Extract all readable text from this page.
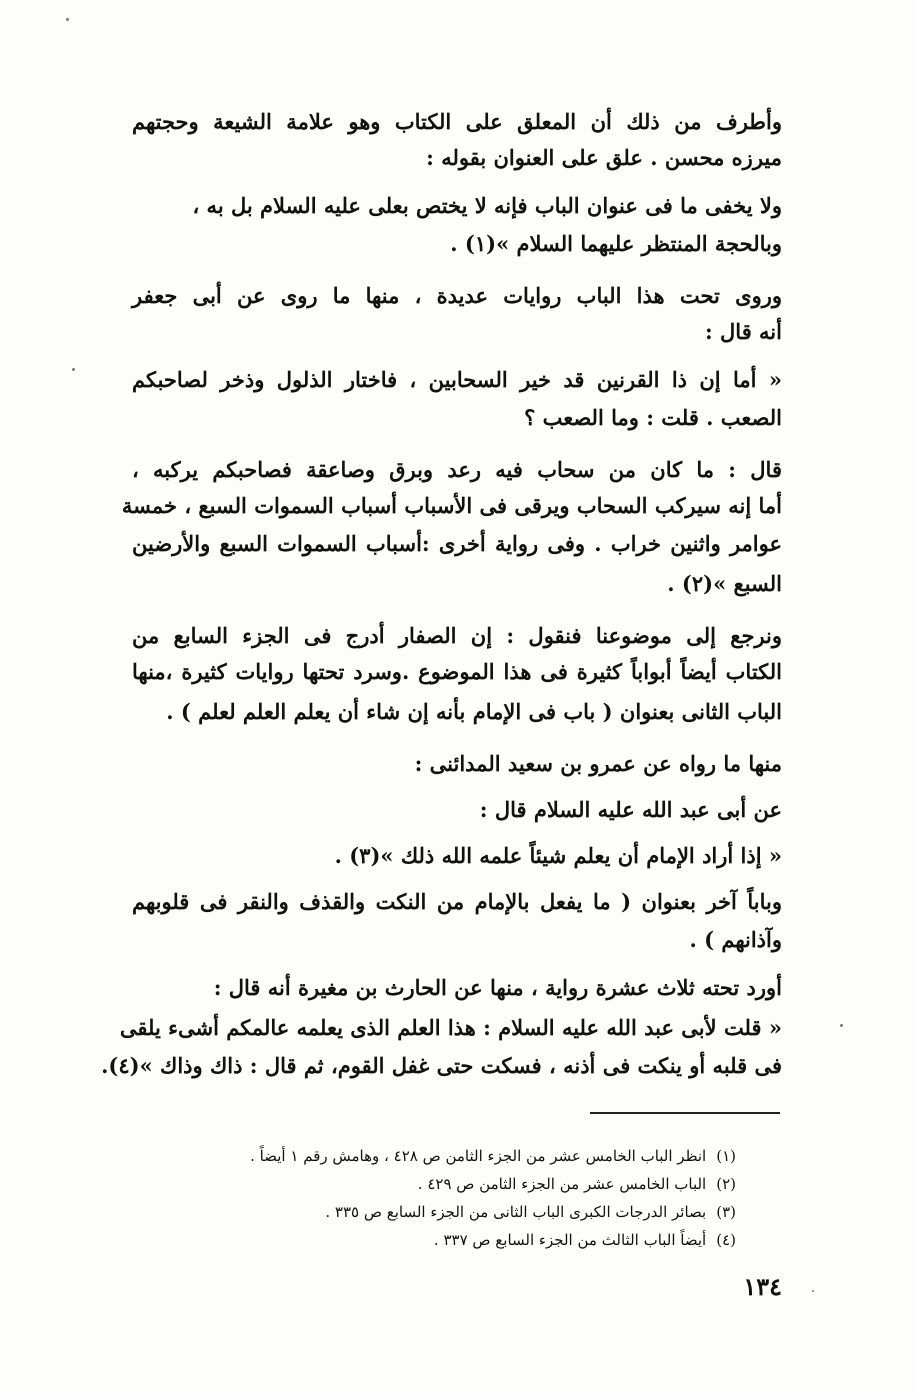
وأطرف من ذلك أن المعلق على الكتاب وهو علامة الشيعة وحجتهم
ميرزه محسن . علق على العنوان بقوله :
ولا يخفى ما فى عنوان الباب فإنه لا يختص بعلى عليه السلام بل به ،
وبالحجة المنتظر عليهما السلام »(١) .
وروى تحت هذا الباب روايات عديدة ، منها ما روى عن أبى جعفر
أنه قال :
« أما إن ذا القرنين قد خير السحابين ، فاختار الذلول وذخر لصاحبكم
الصعب . قلت : وما الصعب ؟
قال : ما كان من سحاب فيه رعد وبرق وصاعقة فصاحبكم يركبه ،
أما إنه سيركب السحاب ويرقى فى الأسباب أسباب السموات السبع ، خمسة
عوامر واثنين خراب . وفى رواية أخرى :أسباب السموات السبع والأرضين
السبع »(٢) .
ونرجع إلى موضوعنا فنقول : إن الصفار أدرج فى الجزء السابع من
الكتاب أيضاً أبواباً كثيرة فى هذا الموضوع .وسرد تحتها روايات كثيرة ،منها
الباب الثانى بعنوان ( باب فى الإمام بأنه إن شاء أن يعلم العلم لعلم ) .
منها ما رواه عن عمرو بن سعيد المدائنى :
عن أبى عبد الله عليه السلام قال :
« إذا أراد الإمام أن يعلم شيئاً علمه الله ذلك »(٣) .
وباباً آخر بعنوان ( ما يفعل بالإمام من النكت والقذف والنقر فى قلوبهم
وآذانهم ) .
أورد تحته ثلاث عشرة رواية ، منها عن الحارث بن مغيرة أنه قال :
« قلت لأبى عبد الله عليه السلام : هذا العلم الذى يعلمه عالمكم أشىء يلقى
فى قلبه أو ينكت فى أذنه ، فسكت حتى غفل القوم، ثم قال : ذاك وذاك »(٤).
(١)انظر الباب الخامس عشر من الجزء الثامن ص ٤٢٨ ، وهامش رقم ١ أيضاً .
(٢)الباب الخامس عشر من الجزء الثامن ص ٤٢٩ .
(٣)بصائر الدرجات الكبرى الباب الثانى من الجزء السابع ص ٣٣٥ .
(٤)أيضاً الباب الثالث من الجزء السابع ص ٣٣٧ .
١٣٤
